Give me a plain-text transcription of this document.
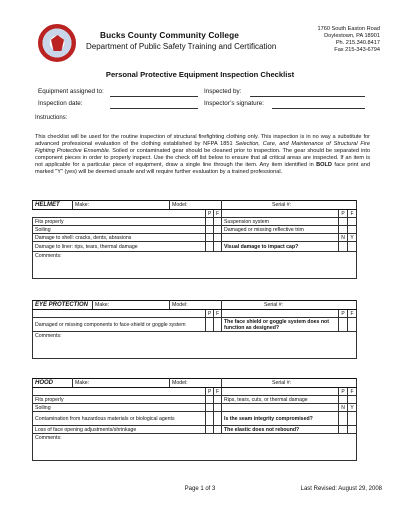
Bucks County Community College
Department of Public Safety Training and Certification
1760 South Easton Road
Doylestown, PA 18901
Ph. 215.340.8417
Fax 215-343-6794
Personal Protective Equipment Inspection Checklist
Equipment assigned to:	Inspected by:
Inspection date:	Inspector’s signature:
Instructions:
This checklist will be used for the routine inspection of structural firefighting clothing only. This inspection is in no way a substitute for advanced professional evaluation of the clothing established by NFPA 1851 Selection, Care, and Maintenance of Structural Fire Fighting Protective Ensemble. Soiled or contaminated gear should be cleaned prior to inspection. The gear should be separated into component pieces in order to properly inspect. Use the check off list below to ensure that all critical areas are inspected. If an item is not applicable for a particular piece of equipment, draw a single line through the item. Any item identified in BOLD face print and marked "Y" (yes) will be deemed unsafe and will require further evaluation by a trained professional.
HELMET	Make:	Model:			Serial #:		
			P	F		P	F
Fits properly					Suspension system		
Soiling					Damaged or missing reflective trim		
Damage to shell: cracks, dents, abrasions						N	Y
Damage to liner: rips, tears, thermal damage					Visual damage to impact cap?		
Comments:							
EYE PROTECTION	Make:	Model:			Serial #:		
			P	F		P	F
Damaged or missing components to face-shield or goggle system					The face shield or goggle system does not function as designed?		
Comments:							
HOOD	Make:	Model:			Serial #:		
			P	F		P	F
Fits properly					Rips, tears, cuts, or thermal damage		
Soiling						N	Y
Contamination from hazardous materials or biological agents					Is the seam integrity compromised?		
Loss of face opening adjustments/shrinkage					The elastic does not rebound?		
Comments:							
Page 1 of 3	Last Revised: August 29, 2008
